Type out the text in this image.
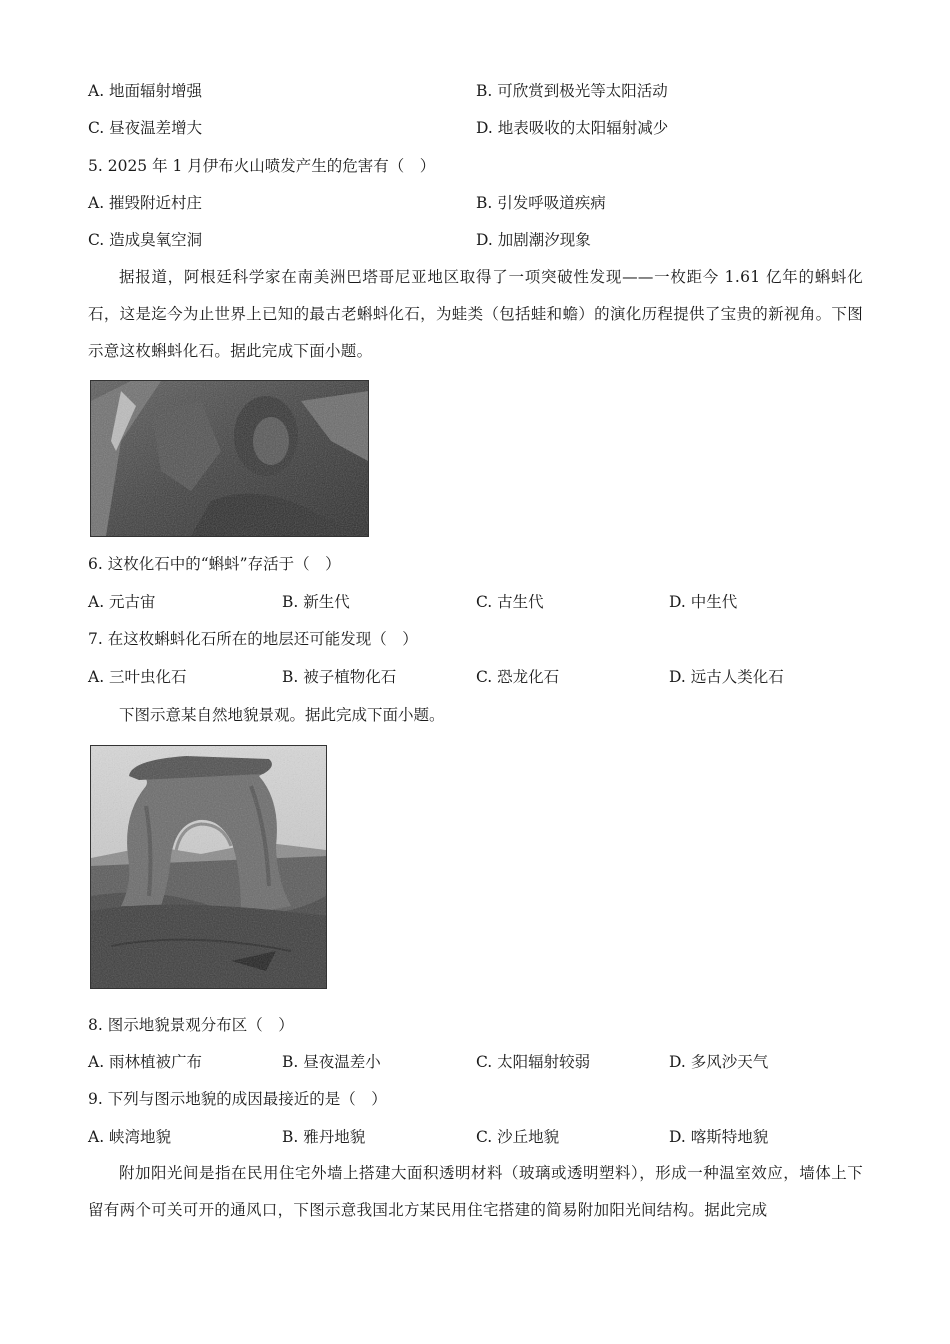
A. 地面辐射增强	B. 可欣赏到极光等太阳活动
C. 昼夜温差增大	D. 地表吸收的太阳辐射减少
5. 2025 年 1 月伊布火山喷发产生的危害有（　）
A. 摧毁附近村庄	B. 引发呼吸道疾病
C. 造成臭氧空洞	D. 加剧潮汐现象

据报道，阿根廷科学家在南美洲巴塔哥尼亚地区取得了一项突破性发现——一枚距今 1.61 亿年的蝌蚪化石，这是迄今为止世界上已知的最古老蝌蚪化石，为蛙类（包括蛙和蟾）的演化历程提供了宝贵的新视角。下图示意这枚蝌蚪化石。据此完成下面小题。

6. 这枚化石中的“蝌蚪”存活于（　）
A. 元古宙	B. 新生代	C. 古生代	D. 中生代
7. 在这枚蝌蚪化石所在的地层还可能发现（　）
A. 三叶虫化石	B. 被子植物化石	C. 恐龙化石	D. 远古人类化石
下图示意某自然地貌景观。据此完成下面小题。
8. 图示地貌景观分布区（　）
A. 雨林植被广布	B. 昼夜温差小	C. 太阳辐射较弱	D. 多风沙天气
9. 下列与图示地貌的成因最接近的是（　）
A. 峡湾地貌	B. 雅丹地貌	C. 沙丘地貌	D. 喀斯特地貌

附加阳光间是指在民用住宅外墙上搭建大面积透明材料（玻璃或透明塑料），形成一种温室效应，墙体上下留有两个可关可开的通风口，下图示意我国北方某民用住宅搭建的简易附加阳光间结构。据此完成
